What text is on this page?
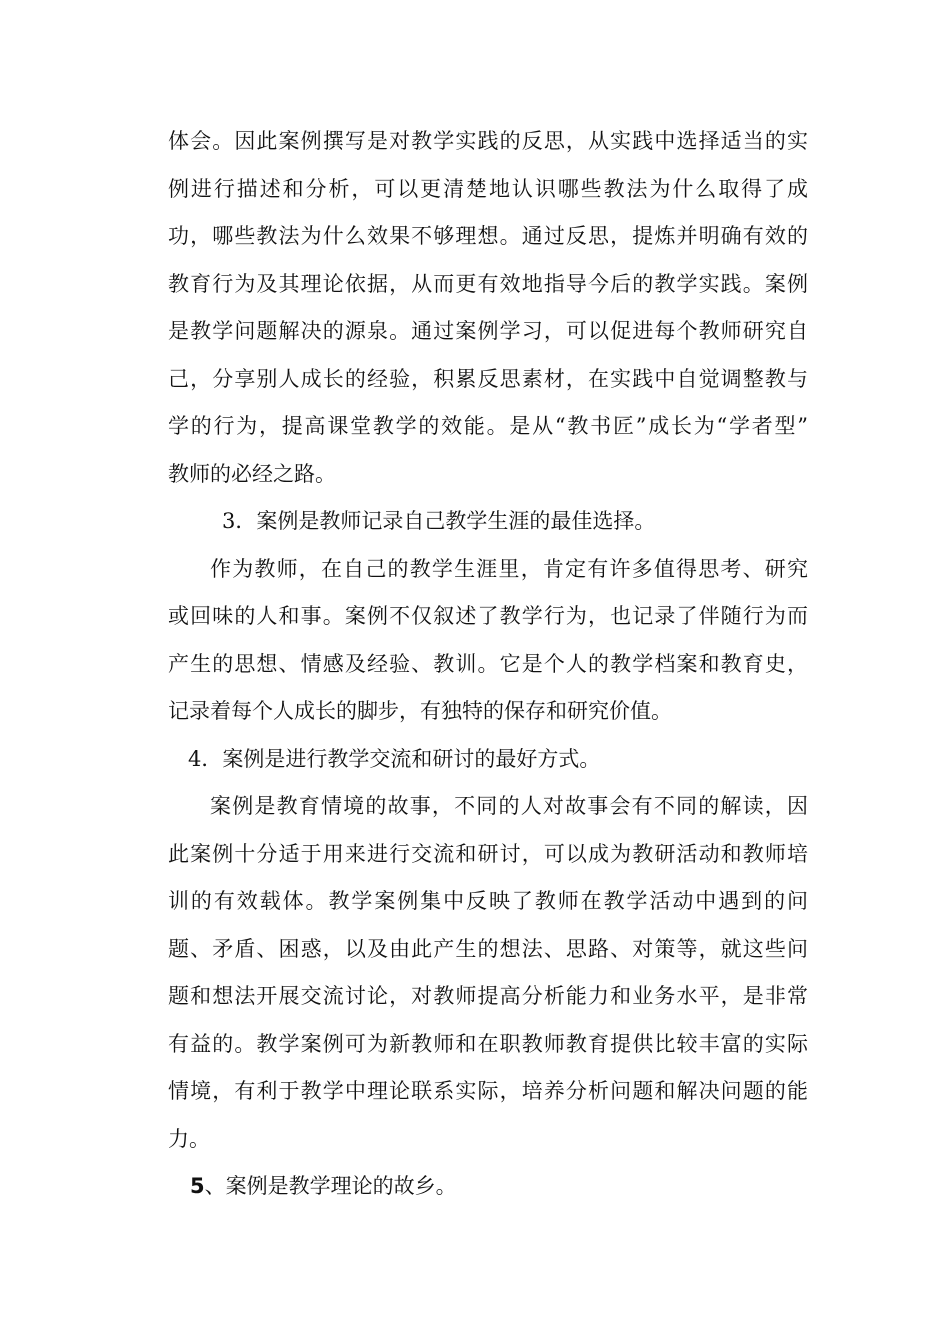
体会。因此案例撰写是对教学实践的反思，从实践中选择适当的实
例进行描述和分析，可以更清楚地认识哪些教法为什么取得了成
功，哪些教法为什么效果不够理想。通过反思，提炼并明确有效的
教育行为及其理论依据，从而更有效地指导今后的教学实践。案例
是教学问题解决的源泉。通过案例学习，可以促进每个教师研究自
己，分享别人成长的经验，积累反思素材，在实践中自觉调整教与
学的行为，提高课堂教学的效能。是从“教书匠”成长为“学者型”
教师的必经之路。
3．案例是教师记录自己教学生涯的最佳选择。
作为教师，在自己的教学生涯里，肯定有许多值得思考、研究
或回味的人和事。案例不仅叙述了教学行为，也记录了伴随行为而
产生的思想、情感及经验、教训。它是个人的教学档案和教育史，
记录着每个人成长的脚步，有独特的保存和研究价值。
4．案例是进行教学交流和研讨的最好方式。
案例是教育情境的故事，不同的人对故事会有不同的解读，因
此案例十分适于用来进行交流和研讨，可以成为教研活动和教师培
训的有效载体。教学案例集中反映了教师在教学活动中遇到的问
题、矛盾、困惑，以及由此产生的想法、思路、对策等，就这些问
题和想法开展交流讨论，对教师提高分析能力和业务水平，是非常
有益的。教学案例可为新教师和在职教师教育提供比较丰富的实际
情境，有利于教学中理论联系实际，培养分析问题和解决问题的能
力。
5、案例是教学理论的故乡。
